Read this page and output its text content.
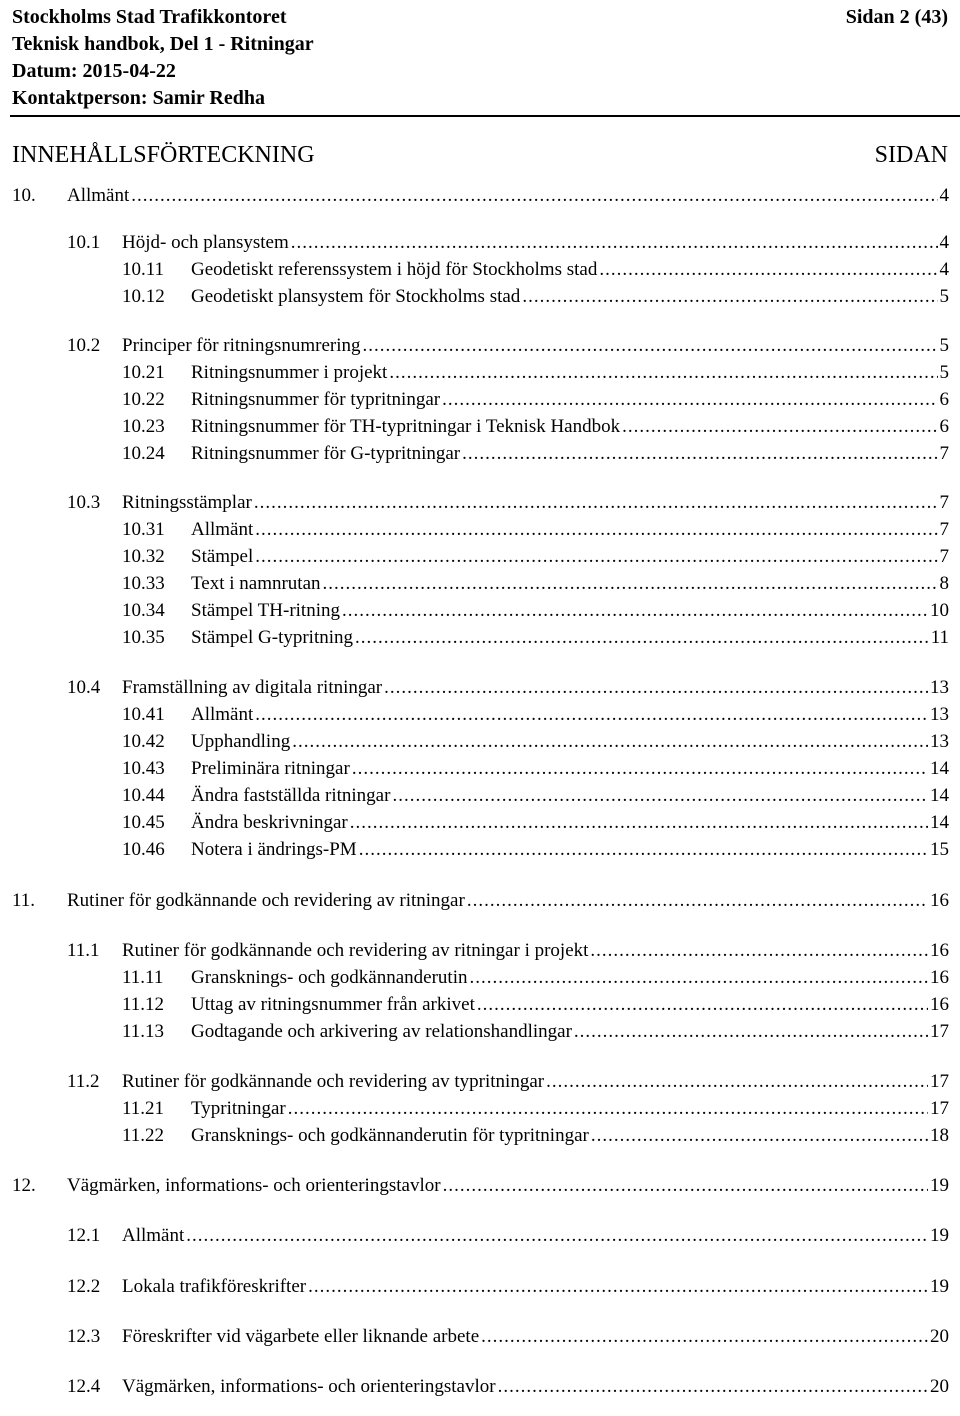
Stockholms Stad Trafikkontoret	Sidan 2 (43)
Teknisk handbok, Del 1 - Ritningar
Datum: 2015-04-22
Kontaktperson: Samir Redha
INNEHÅLLSFÖRTECKNING	SIDAN
10. Allmänt .....	4
10.1 Höjd- och plansystem .....	4
10.11 Geodetiskt referenssystem i höjd för Stockholms stad .....	4
10.12 Geodetiskt plansystem för Stockholms stad .....	5
10.2 Principer för ritningsnumrering .....	5
10.21 Ritningsnummer i projekt .....	5
10.22 Ritningsnummer för typritningar .....	6
10.23 Ritningsnummer för TH-typritningar i Teknisk Handbok .....	6
10.24 Ritningsnummer för G-typritningar .....	7
10.3 Ritningsstämplar .....	7
10.31 Allmänt .....	7
10.32 Stämpel .....	7
10.33 Text i namnrutan .....	8
10.34 Stämpel TH-ritning .....	10
10.35 Stämpel G-typritning .....	11
10.4 Framställning av digitala ritningar .....	13
10.41 Allmänt .....	13
10.42 Upphandling .....	13
10.43 Preliminära ritningar .....	14
10.44 Ändra fastställda ritningar .....	14
10.45 Ändra beskrivningar .....	14
10.46 Notera i ändrings-PM .....	15
11. Rutiner för godkännande och revidering av ritningar .....	16
11.1 Rutiner för godkännande och revidering av ritningar i projekt .....	16
11.11 Gransknings- och godkännanderutin .....	16
11.12 Uttag av ritningsnummer från arkivet .....	16
11.13 Godtagande och arkivering av relationshandlingar .....	17
11.2 Rutiner för godkännande och revidering av typritningar .....	17
11.21 Typritningar .....	17
11.22 Gransknings- och godkännanderutin för typritningar .....	18
12. Vägmärken, informations- och orienteringstavlor .....	19
12.1 Allmänt .....	19
12.2 Lokala trafikföreskrifter .....	19
12.3 Föreskrifter vid vägarbete eller liknande arbete .....	20
12.4 Vägmärken, informations- och orienteringstavlor .....	20
